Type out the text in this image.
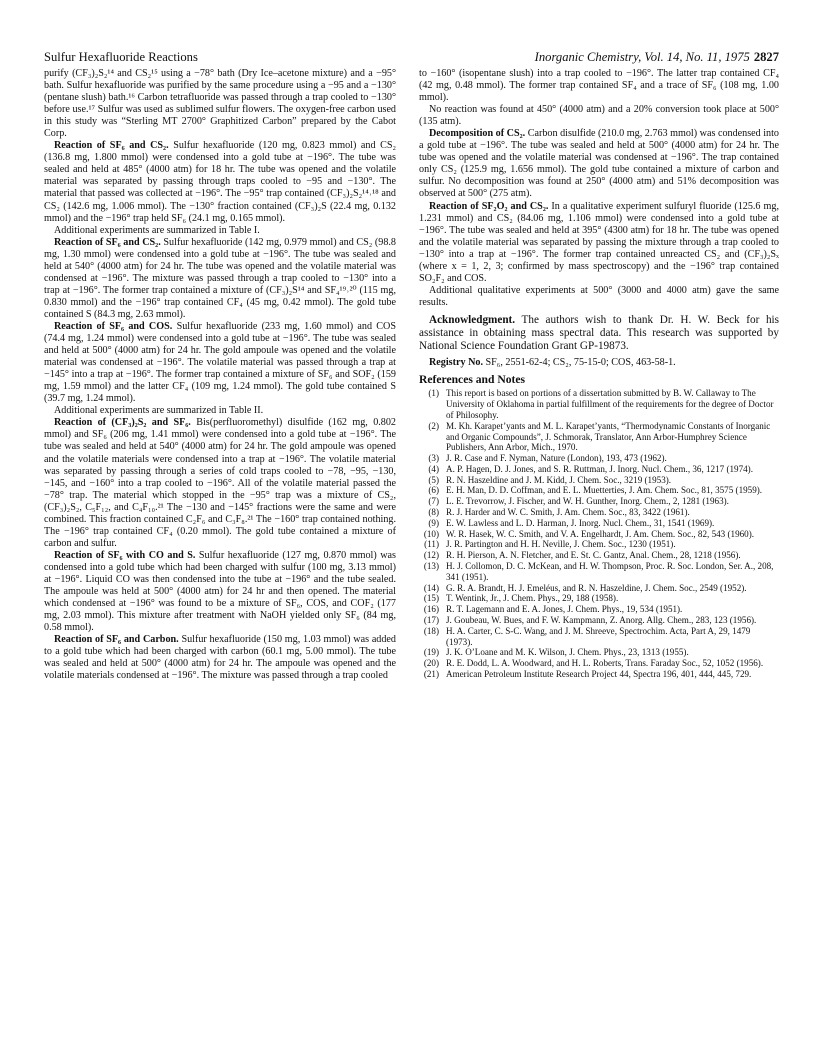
Sulfur Hexafluoride Reactions	Inorganic Chemistry, Vol. 14, No. 11, 1975 2827

purify (CF₃)₂S₂¹⁴ and CS₂¹⁵ using a −78° bath (Dry Ice–acetone mixture) and a −95° bath. Sulfur hexafluoride was purified by the same procedure using a −95 and a −130° (pentane slush) bath.¹⁶ Carbon tetrafluoride was passed through a trap cooled to −130° before use.¹⁷ Sulfur was used as sublimed sulfur flowers. The oxygen-free carbon used in this study was “Sterling MT 2700° Graphitized Carbon” prepared by the Cabot Corp.

Reaction of SF₆ and CS₂. Sulfur hexafluoride (120 mg, 0.823 mmol) and CS₂ (136.8 mg, 1.800 mmol) were condensed into a gold tube at −196°. The tube was sealed and held at 485° (4000 atm) for 18 hr. The tube was opened and the volatile material was separated by passing through traps cooled to −95 and −130°. The material that passed was collected at −196°. The −95° trap contained (CF₃)₂S₂¹⁴˒¹⁸ and CS₂ (142.6 mg, 1.006 mmol). The −130° fraction contained (CF₃)₂S (22.4 mg, 0.132 mmol) and the −196° trap held SF₆ (24.1 mg, 0.165 mmol).

Additional experiments are summarized in Table I.

Reaction of SF₆ and CS₂. Sulfur hexafluoride (142 mg, 0.979 mmol) and CS₂ (98.8 mg, 1.30 mmol) were condensed into a gold tube at −196°. The tube was sealed and held at 540° (4000 atm) for 24 hr. The tube was opened and the volatile material was condensed at −196°. The mixture was passed through a trap cooled to −130° into a trap at −196°. The former trap contained a mixture of (CF₃)₂S¹⁴ and SF₄¹⁹˒²⁰ (115 mg, 0.830 mmol) and the −196° trap contained CF₄ (45 mg, 0.42 mmol). The gold tube contained S (84.3 mg, 2.63 mmol).

Reaction of SF₆ and COS. Sulfur hexafluoride (233 mg, 1.60 mmol) and COS (74.4 mg, 1.24 mmol) were condensed into a gold tube at −196°. The tube was sealed and held at 500° (4000 atm) for 24 hr. The gold ampoule was opened and the volatile material was condensed at −196°. The volatile material was passed through a trap at −145° into a trap at −196°. The former trap contained a mixture of SF₆ and SOF₂ (159 mg, 1.59 mmol) and the latter CF₄ (109 mg, 1.24 mmol). The gold tube contained S (39.7 mg, 1.24 mmol).

Additional experiments are summarized in Table II.

Reaction of (CF₃)₂S₂ and SF₆. Bis(perfluoromethyl) disulfide (162 mg, 0.802 mmol) and SF₆ (206 mg, 1.41 mmol) were condensed into a gold tube at −196°. The tube was sealed and held at 540° (4000 atm) for 24 hr. The gold ampoule was opened and the volatile materials were condensed into a trap at −196°. The volatile material was separated by passing through a series of cold traps cooled to −78, −95, −130, −145, and −160° into a trap cooled to −196°. All of the volatile material passed the −78° trap. The material which stopped in the −95° trap was a mixture of CS₂, (CF₃)₂S₂, C₅F₁₂, and C₄F₁₀.²¹ The −130 and −145° fractions were the same and were combined. This fraction contained C₂F₆ and C₃F₈.²¹ The −160° trap contained nothing. The −196° trap contained CF₄ (0.20 mmol). The gold tube contained a mixture of carbon and sulfur.

Reaction of SF₆ with CO and S. Sulfur hexafluoride (127 mg, 0.870 mmol) was condensed into a gold tube which had been charged with sulfur (100 mg, 3.13 mmol) at −196°. Liquid CO was then condensed into the tube at −196° and the tube sealed. The ampoule was held at 500° (4000 atm) for 24 hr and then opened. The material which condensed at −196° was found to be a mixture of SF₆, COS, and COF₂ (177 mg, 2.03 mmol). This mixture after treatment with NaOH yielded only SF₆ (84 mg, 0.58 mmol).

Reaction of SF₆ and Carbon. Sulfur hexafluoride (150 mg, 1.03 mmol) was added to a gold tube which had been charged with carbon (60.1 mg, 5.00 mmol). The tube was sealed and held at 500° (4000 atm) for 24 hr. The ampoule was opened and the volatile materials condensed at −196°. The mixture was passed through a trap cooled

to −160° (isopentane slush) into a trap cooled to −196°. The latter trap contained CF₄ (42 mg, 0.48 mmol). The former trap contained SF₄ and a trace of SF₆ (108 mg, 1.00 mmol).

No reaction was found at 450° (4000 atm) and a 20% conversion took place at 500° (135 atm).

Decomposition of CS₂. Carbon disulfide (210.0 mg, 2.763 mmol) was condensed into a gold tube at −196°. The tube was sealed and held at 500° (4000 atm) for 24 hr. The tube was opened and the volatile material was condensed at −196°. The trap contained only CS₂ (125.9 mg, 1.656 mmol). The gold tube contained a mixture of carbon and sulfur. No decomposition was found at 250° (4000 atm) and 51% decomposition was observed at 500° (275 atm).

Reaction of SF₂O₂ and CS₂. In a qualitative experiment sulfuryl fluoride (125.6 mg, 1.231 mmol) and CS₂ (84.06 mg, 1.106 mmol) were condensed into a gold tube at −196°. The tube was sealed and held at 395° (4300 atm) for 18 hr. The tube was opened and the volatile material was separated by passing the mixture through a trap cooled to −130° into a trap at −196°. The former trap contained unreacted CS₂ and (CF₃)₂Sₓ (where x = 1, 2, 3; confirmed by mass spectroscopy) and the −196° trap contained SO₂F₂ and COS.

Additional qualitative experiments at 500° (3000 and 4000 atm) gave the same results.

Acknowledgment. The authors wish to thank Dr. H. W. Beck for his assistance in obtaining mass spectral data. This research was supported by National Science Foundation Grant GP-19873.
Registry No. SF₆, 2551-62-4; CS₂, 75-15-0; COS, 463-58-1.
References and Notes
(1) This report is based on portions of a dissertation submitted by B. W. Callaway to The University of Oklahoma in partial fulfillment of the requirements for the degree of Doctor of Philosophy.
(2) M. Kh. Karapet’yants and M. L. Karapet’yants, “Thermodynamic Constants of Inorganic and Organic Compounds”, J. Schmorak, Translator, Ann Arbor-Humphrey Science Publishers, Ann Arbor, Mich., 1970.
(3) J. R. Case and F. Nyman, Nature (London), 193, 473 (1962).
(4) A. P. Hagen, D. J. Jones, and S. R. Ruttman, J. Inorg. Nucl. Chem., 36, 1217 (1974).
(5) R. N. Haszeldine and J. M. Kidd, J. Chem. Soc., 3219 (1953).
(6) E. H. Man, D. D. Coffman, and E. L. Muetterties, J. Am. Chem. Soc., 81, 3575 (1959).
(7) L. E. Trevorrow, J. Fischer, and W. H. Gunther, Inorg. Chem., 2, 1281 (1963).
(8) R. J. Harder and W. C. Smith, J. Am. Chem. Soc., 83, 3422 (1961).
(9) E. W. Lawless and L. D. Harman, J. Inorg. Nucl. Chem., 31, 1541 (1969).
(10) W. R. Hasek, W. C. Smith, and V. A. Engelhardt, J. Am. Chem. Soc., 82, 543 (1960).
(11) J. R. Partington and H. H. Neville, J. Chem. Soc., 1230 (1951).
(12) R. H. Pierson, A. N. Fletcher, and E. St. C. Gantz, Anal. Chem., 28, 1218 (1956).
(13) H. J. Collomon, D. C. McKean, and H. W. Thompson, Proc. R. Soc. London, Ser. A., 208, 341 (1951).
(14) G. R. A. Brandt, H. J. Emeléus, and R. N. Haszeldine, J. Chem. Soc., 2549 (1952).
(15) T. Wentink, Jr., J. Chem. Phys., 29, 188 (1958).
(16) R. T. Lagemann and E. A. Jones, J. Chem. Phys., 19, 534 (1951).
(17) J. Goubeau, W. Bues, and F. W. Kampmann, Z. Anorg. Allg. Chem., 283, 123 (1956).
(18) H. A. Carter, C. S-C. Wang, and J. M. Shreeve, Spectrochim. Acta, Part A, 29, 1479 (1973).
(19) J. K. O’Loane and M. K. Wilson, J. Chem. Phys., 23, 1313 (1955).
(20) R. E. Dodd, L. A. Woodward, and H. L. Roberts, Trans. Faraday Soc., 52, 1052 (1956).
(21) American Petroleum Institute Research Project 44, Spectra 196, 401, 444, 445, 729.
